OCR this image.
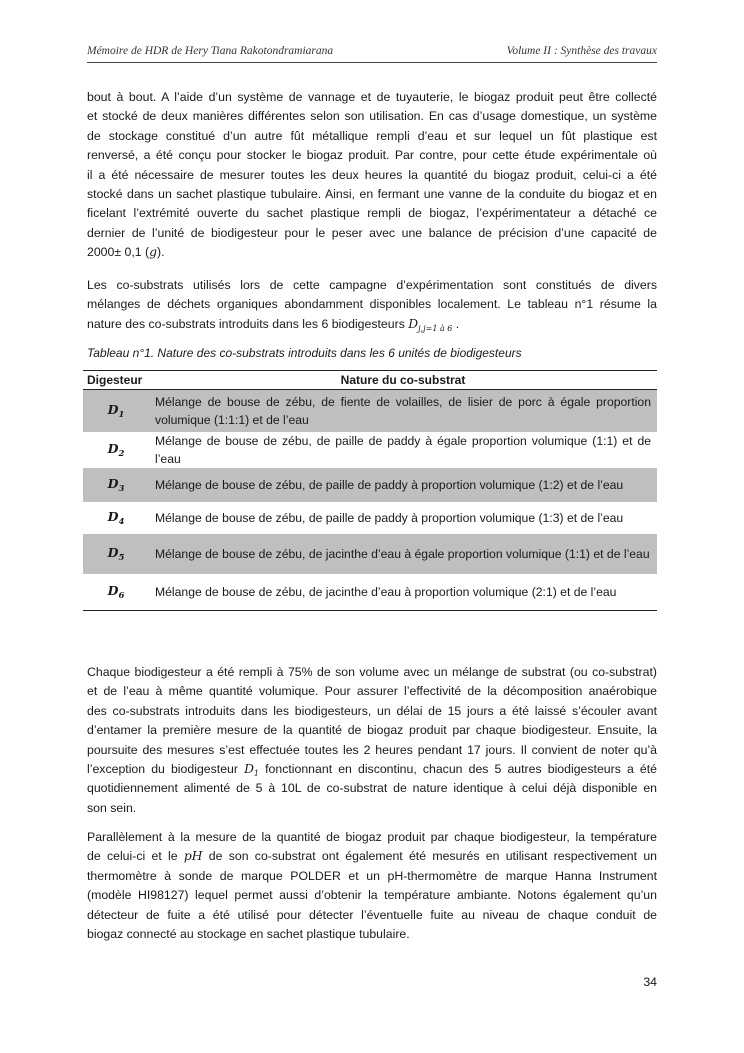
Mémoire de HDR de Hery Tiana Rakotondramiarana	Volume II : Synthèse des travaux
bout à bout. A l’aide d’un système de vannage et de tuyauterie, le biogaz produit peut être collecté
et stocké de deux manières différentes selon son utilisation. En cas d’usage domestique, un système
de stockage constitué d’un autre fût métallique rempli d’eau et sur lequel un fût plastique est
renversé, a été conçu pour stocker le biogaz produit. Par contre, pour cette étude expérimentale où
il a été nécessaire de mesurer toutes les deux heures la quantité du biogaz produit, celui-ci a été
stocké dans un sachet plastique tubulaire. Ainsi, en fermant une vanne de la conduite du biogaz et en
ficelant l’extrémité ouverte du sachet plastique rempli de biogaz, l’expérimentateur a détaché ce
dernier de l’unité de biodigesteur pour le peser avec une balance de précision d’une capacité de
2000± 0,1 (g).
Les co-substrats utilisés lors de cette campagne d’expérimentation sont constitués de divers
mélanges de déchets organiques abondamment disponibles localement. Le tableau n°1 résume la
nature des co-substrats introduits dans les 6 biodigesteurs $D_{j,j=1 à 6}$ .
Tableau n°1. Nature des co-substrats introduits dans les 6 unités de biodigesteurs
Digesteur	Nature du co-substrat
$D_1$	Mélange de bouse de zébu, de fiente de volailles, de lisier de porc à égale proportion volumique (1:1:1) et de l’eau
$D_2$	Mélange de bouse de zébu, de paille de paddy à égale proportion volumique (1:1) et de l’eau
$D_3$	Mélange de bouse de zébu, de paille de paddy à proportion volumique (1:2) et de l’eau
$D_4$	Mélange de bouse de zébu, de paille de paddy à proportion volumique (1:3) et de l’eau
$D_5$	Mélange de bouse de zébu, de jacinthe d’eau à égale proportion volumique (1:1) et de l’eau
$D_6$	Mélange de bouse de zébu, de jacinthe d’eau à proportion volumique (2:1) et de l’eau
Chaque biodigesteur a été rempli à 75% de son volume avec un mélange de substrat (ou co-substrat)
et de l’eau à même quantité volumique. Pour assurer l’effectivité de la décomposition anaérobique
des co-substrats introduits dans les biodigesteurs, un délai de 15 jours a été laissé s’écouler avant
d’entamer la première mesure de la quantité de biogaz produit par chaque biodigesteur. Ensuite, la
poursuite des mesures s’est effectuée toutes les 2 heures pendant 17 jours. Il convient de noter qu’à
l’exception du biodigesteur $D_1$ fonctionnant en discontinu, chacun des 5 autres biodigesteurs a été
quotidiennement alimenté de 5 à 10L de co-substrat de nature identique à celui déjà disponible en
son sein.
Parallèlement à la mesure de la quantité de biogaz produit par chaque biodigesteur, la température
de celui-ci et le pH de son co-substrat ont également été mesurés en utilisant respectivement un
thermomètre à sonde de marque POLDER et un pH-thermomètre de marque Hanna Instrument
(modèle HI98127) lequel permet aussi d’obtenir la température ambiante. Notons également qu’un
détecteur de fuite a été utilisé pour détecter l’éventuelle fuite au niveau de chaque conduit de
biogaz connecté au stockage en sachet plastique tubulaire.
34
